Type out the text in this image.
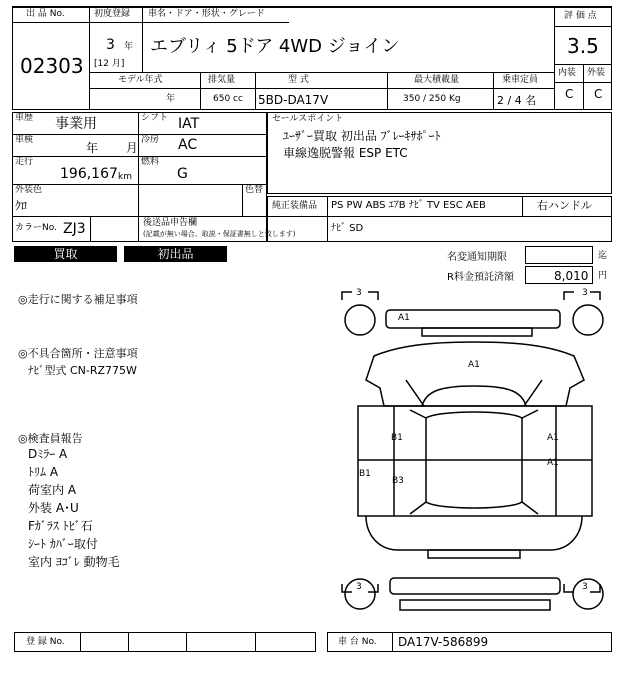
出 品 No.
02303
初度登録
3 年
[12 月]
車名・ドア・形状・グレード
エブリィ 5ドア 4WD ジョイン
評 価 点
3.5
内装 外装
C C
モデル年式
年
排気量
650 cc
型 式
5BD-DA17V
最大積載量
350 / 250 Kg
乗車定員
2 / 4 名
車歴 事業用	シフト IAT
車検
年 月
冷房 AC
走行
196,167 km
燃料
G
外装色
ｸﾛ
色替
カラーNo. ZJ3	後送品申告欄
(記載が無い場合、取説・保証書無しと致します)
セールスポイント
ﾕｰｻﾞｰ買取 初出品 ﾌﾞﾚｰｷｻﾎﾟｰﾄ
車線逸脱警報 ESP ETC
純正装備品 PS PW ABS ｴｱB ﾅﾋﾞ TV ESC AEB	右ハンドル
ﾅﾋﾞ SD
買取	初出品	名変通知期限	迄
R料金預託済額	8,010 円
◎走行に関する補足事項
◎不具合箇所・注意事項
ﾅﾋﾞ型式 CN-RZ775W
◎検査員報告
Dﾐﾗｰ A
ﾄﾘﾑ A
荷室内 A
外装 A･U
Fｶﾞﾗｽ ﾄﾋﾞ石
ｼｰﾄ ｶﾊﾞｰ取付
室内 ﾖｺﾞﾚ 動物毛
3	3
3	3
A1
A1
B1
B1
B3
A1
A1
登 録 No.	車 台 No. DA17V-586899
